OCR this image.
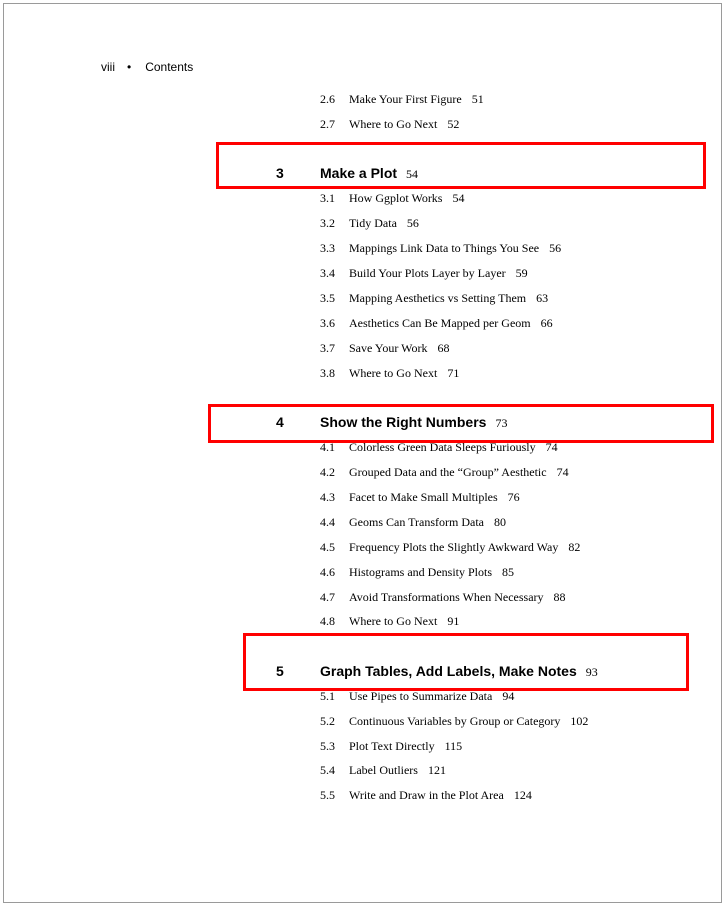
viii • Contents
2.6 Make Your First Figure 51
2.7 Where to Go Next 52
3	Make a Plot 54
3.1 How Ggplot Works 54
3.2 Tidy Data 56
3.3 Mappings Link Data to Things You See 56
3.4 Build Your Plots Layer by Layer 59
3.5 Mapping Aesthetics vs Setting Them 63
3.6 Aesthetics Can Be Mapped per Geom 66
3.7 Save Your Work 68
3.8 Where to Go Next 71
4	Show the Right Numbers 73
4.1 Colorless Green Data Sleeps Furiously 74
4.2 Grouped Data and the “Group” Aesthetic 74
4.3 Facet to Make Small Multiples 76
4.4 Geoms Can Transform Data 80
4.5 Frequency Plots the Slightly Awkward Way 82
4.6 Histograms and Density Plots 85
4.7 Avoid Transformations When Necessary 88
4.8 Where to Go Next 91
5	Graph Tables, Add Labels, Make Notes 93
5.1 Use Pipes to Summarize Data 94
5.2 Continuous Variables by Group or Category 102
5.3 Plot Text Directly 115
5.4 Label Outliers 121
5.5 Write and Draw in the Plot Area 124
